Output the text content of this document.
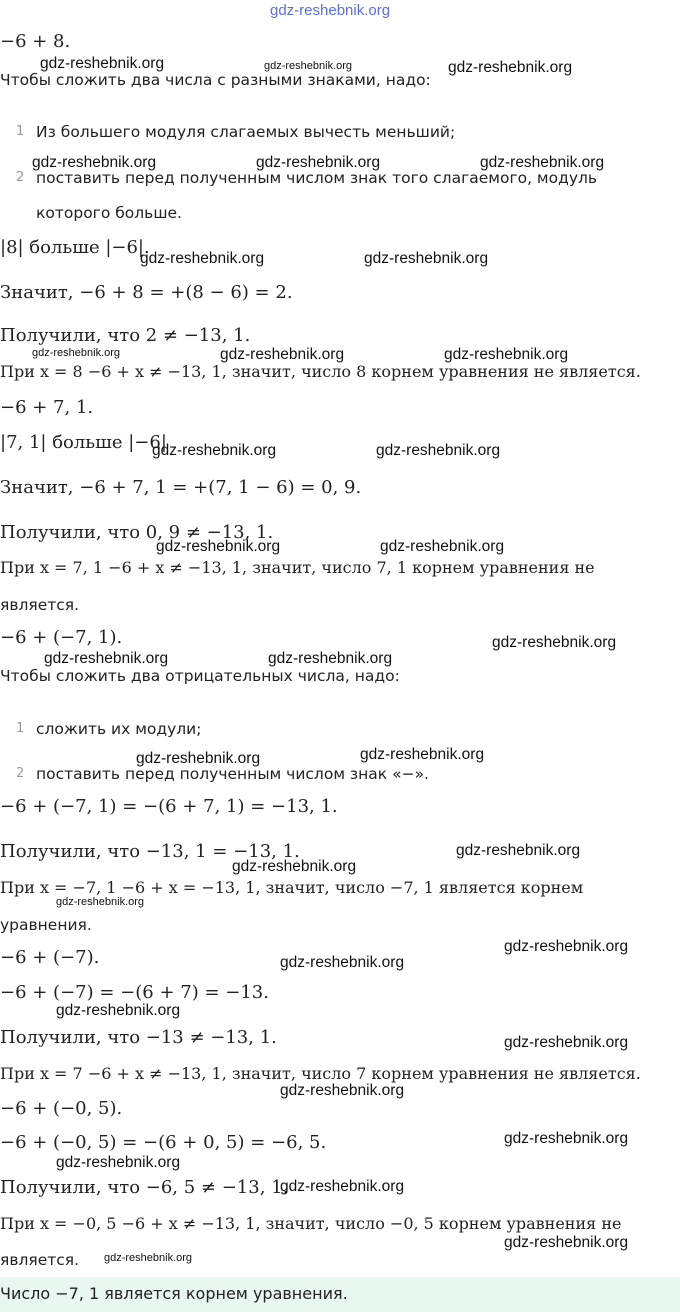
gdz-reshebnik.org
−6 + 8.
Чтобы сложить два числа с разными знаками, надо:
1 Из большего модуля слагаемых вычесть меньший;
2 поставить перед полученным числом знак того слагаемого, модуль
которого больше.
|8| больше |−6|.
Значит, −6 + 8 = +(8 − 6) = 2.
Получили, что 2 ≠ −13, 1.
При x = 8 −6 + x ≠ −13, 1, значит, число 8 корнем уравнения не является.
−6 + 7, 1.
|7, 1| больше |−6|
Значит, −6 + 7, 1 = +(7, 1 − 6) = 0, 9.
Получили, что 0, 9 ≠ −13, 1.
При x = 7, 1 −6 + x ≠ −13, 1, значит, число 7, 1 корнем уравнения не
является.
−6 + (−7, 1).
Чтобы сложить два отрицательных числа, надо:
1 сложить их модули;
2 поставить перед полученным числом знак «−».
−6 + (−7, 1) = −(6 + 7, 1) = −13, 1.
Получили, что −13, 1 = −13, 1.
При x = −7, 1 −6 + x = −13, 1, значит, число −7, 1 является корнем
уравнения.
−6 + (−7).
−6 + (−7) = −(6 + 7) = −13.
Получили, что −13 ≠ −13, 1.
При x = 7 −6 + x ≠ −13, 1, значит, число 7 корнем уравнения не является.
−6 + (−0, 5).
−6 + (−0, 5) = −(6 + 0, 5) = −6, 5.
Получили, что −6, 5 ≠ −13, 1.
При x = −0, 5 −6 + x ≠ −13, 1, значит, число −0, 5 корнем уравнения не
является.
Число −7, 1 является корнем уравнения.
gdz-reshebnik.org	gdz-reshebnik.org	gdz-reshebnik.org
gdz-reshebnik.org	gdz-reshebnik.org	gdz-reshebnik.org
gdz-reshebnik.org	gdz-reshebnik.org
gdz-reshebnik.org	gdz-reshebnik.org	gdz-reshebnik.org
gdz-reshebnik.org	gdz-reshebnik.org
gdz-reshebnik.org	gdz-reshebnik.org
gdz-reshebnik.org
gdz-reshebnik.org	gdz-reshebnik.org
gdz-reshebnik.org	gdz-reshebnik.org
gdz-reshebnik.org
gdz-reshebnik.org
gdz-reshebnik.org
gdz-reshebnik.org
gdz-reshebnik.org
gdz-reshebnik.org
gdz-reshebnik.org
gdz-reshebnik.org
gdz-reshebnik.org
gdz-reshebnik.org
gdz-reshebnik.org
gdz-reshebnik.org
gdz-reshebnik.org
